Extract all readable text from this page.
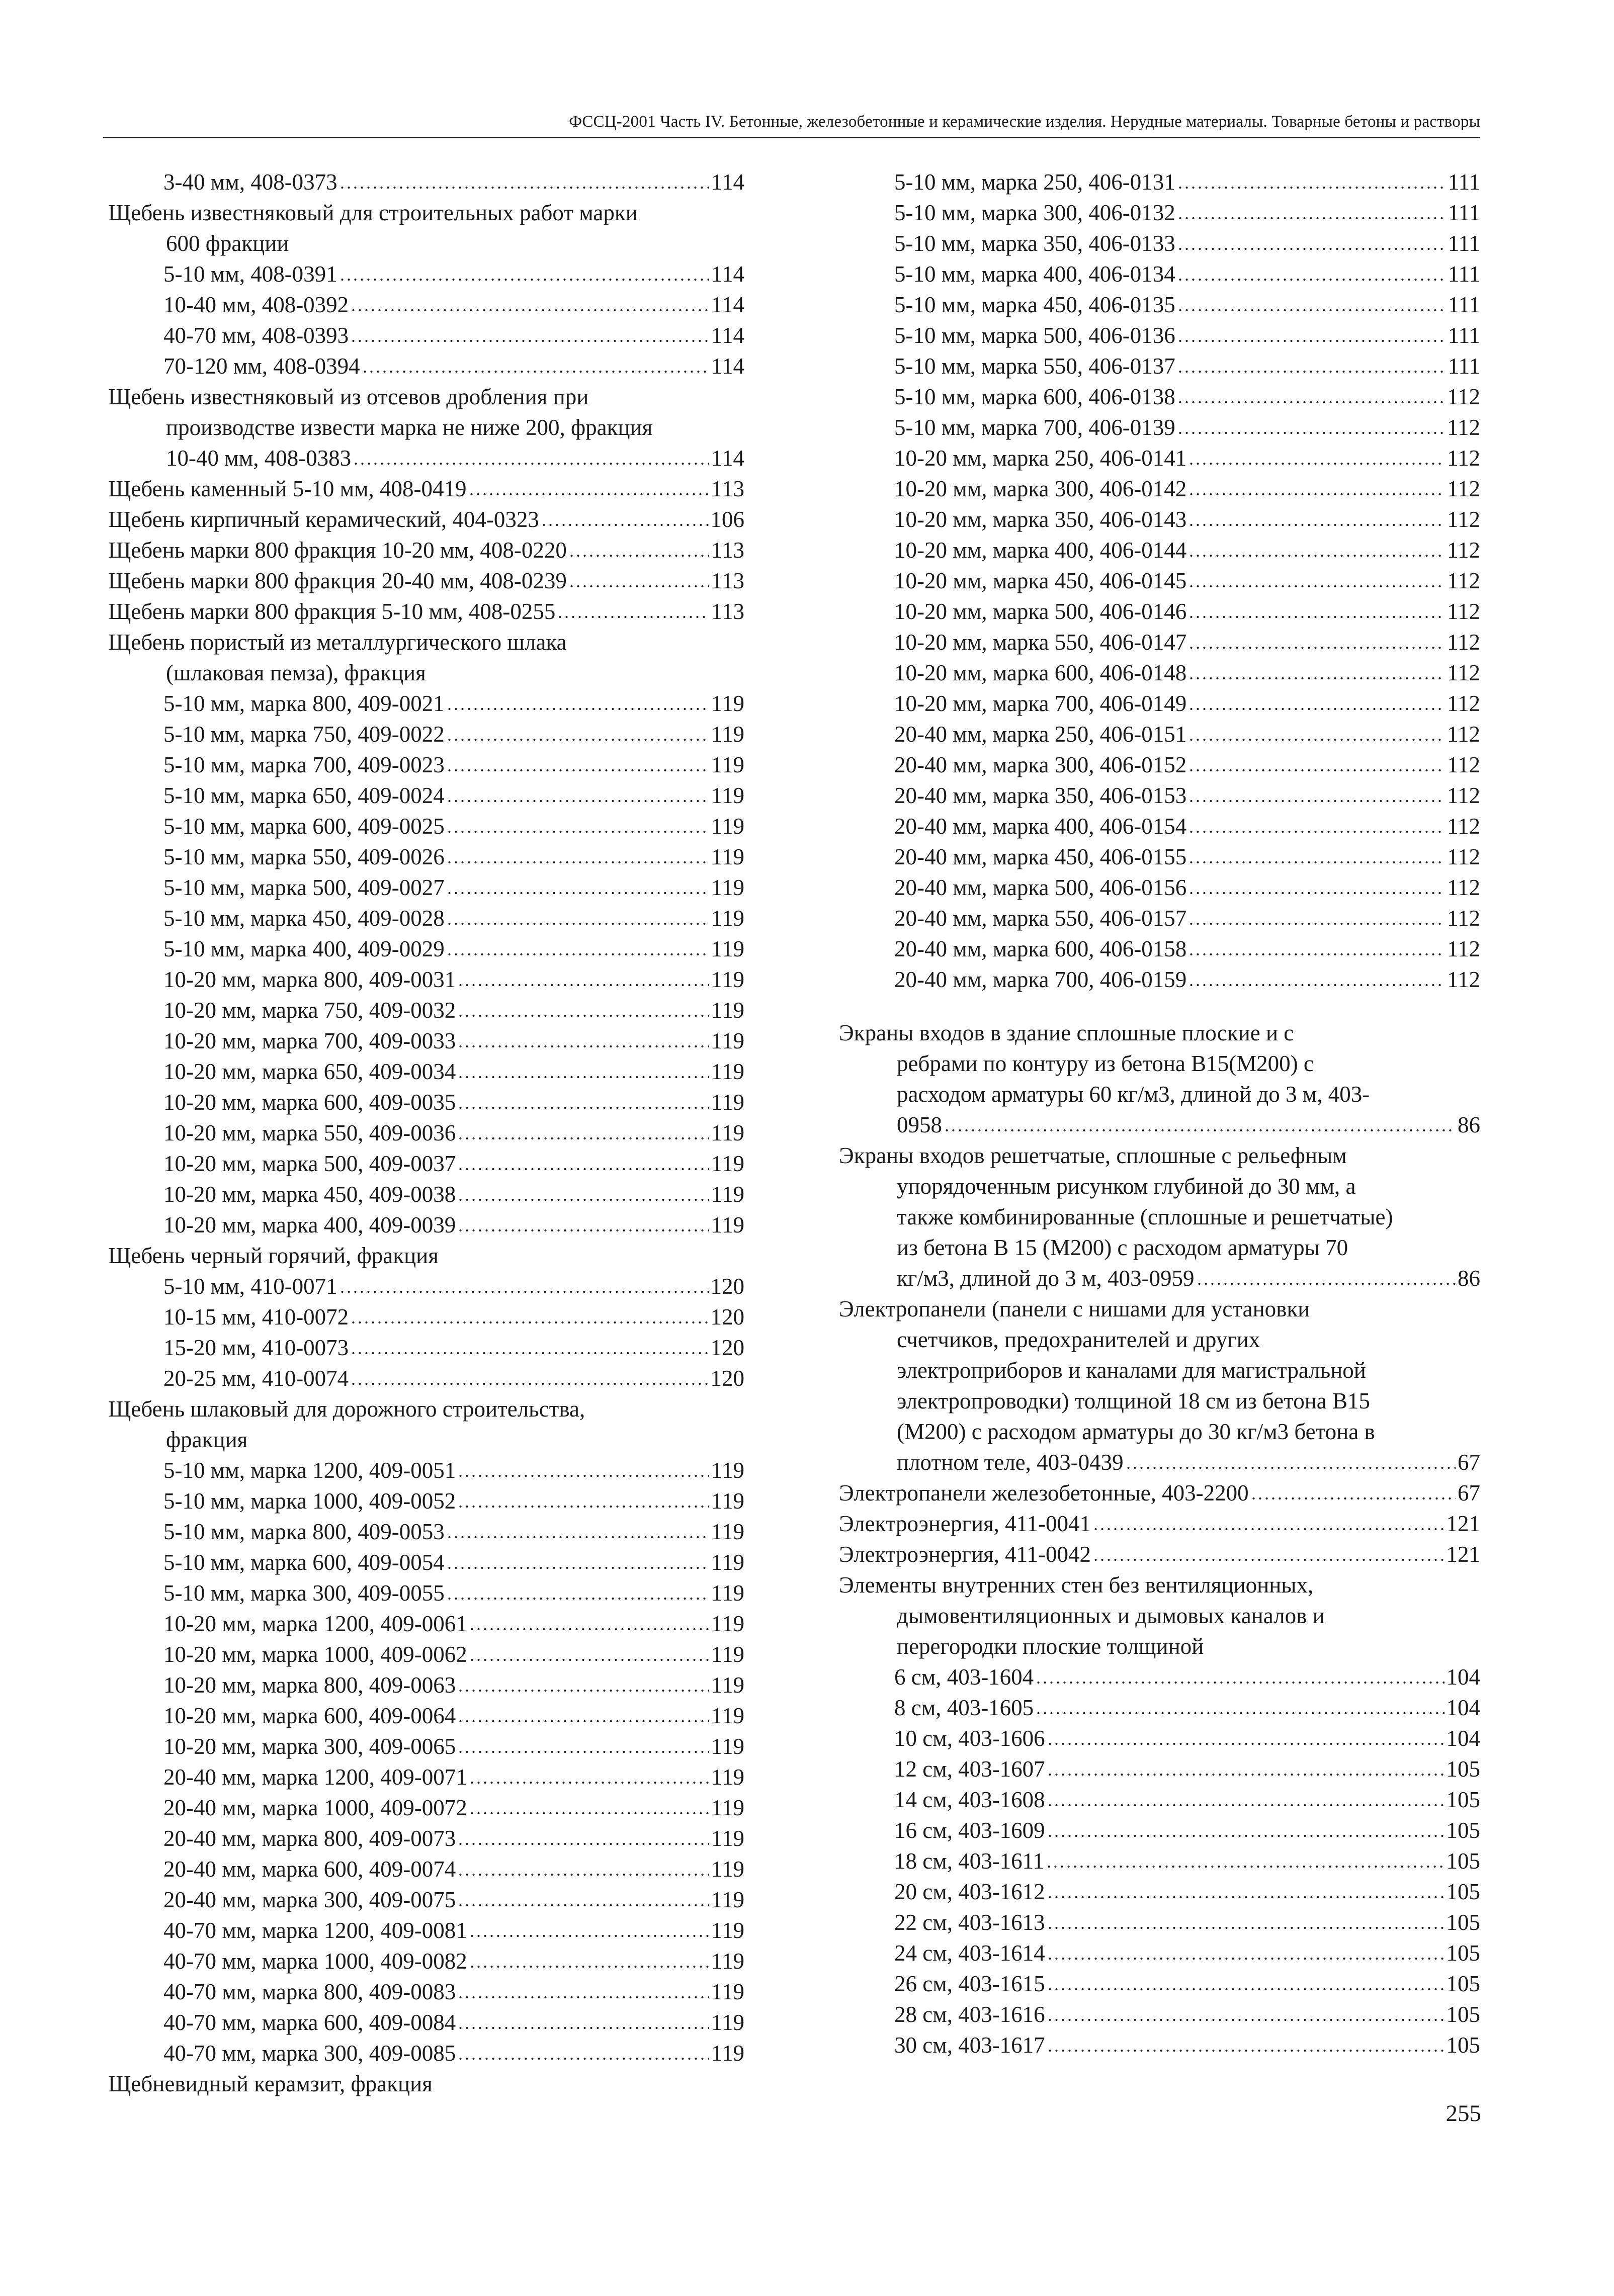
ФССЦ-2001 Часть IV. Бетонные, железобетонные и керамические изделия. Нерудные материалы. Товарные бетоны и растворы
3-40 мм, 408-0373	114
Щебень известняковый для строительных работ марки
600 фракции
5-10 мм, 408-0391	114
10-40 мм, 408-0392	114
40-70 мм, 408-0393	114
70-120 мм, 408-0394	114
Щебень известняковый из отсевов дробления при
производстве извести марка не ниже 200, фракция
10-40 мм, 408-0383	114
Щебень каменный 5-10 мм, 408-0419	113
Щебень кирпичный керамический, 404-0323	106
Щебень марки 800 фракция 10-20 мм, 408-0220	113
Щебень марки 800 фракция 20-40 мм, 408-0239	113
Щебень марки 800 фракция 5-10 мм, 408-0255	113
Щебень пористый из металлургического шлака
(шлаковая пемза), фракция
5-10 мм, марка 800, 409-0021	119
5-10 мм, марка 750, 409-0022	119
5-10 мм, марка 700, 409-0023	119
5-10 мм, марка 650, 409-0024	119
5-10 мм, марка 600, 409-0025	119
5-10 мм, марка 550, 409-0026	119
5-10 мм, марка 500, 409-0027	119
5-10 мм, марка 450, 409-0028	119
5-10 мм, марка 400, 409-0029	119
10-20 мм, марка 800, 409-0031	119
10-20 мм, марка 750, 409-0032	119
10-20 мм, марка 700, 409-0033	119
10-20 мм, марка 650, 409-0034	119
10-20 мм, марка 600, 409-0035	119
10-20 мм, марка 550, 409-0036	119
10-20 мм, марка 500, 409-0037	119
10-20 мм, марка 450, 409-0038	119
10-20 мм, марка 400, 409-0039	119
Щебень черный горячий, фракция
5-10 мм, 410-0071	120
10-15 мм, 410-0072	120
15-20 мм, 410-0073	120
20-25 мм, 410-0074	120
Щебень шлаковый для дорожного строительства,
фракция
5-10 мм, марка 1200, 409-0051	119
5-10 мм, марка 1000, 409-0052	119
5-10 мм, марка 800, 409-0053	119
5-10 мм, марка 600, 409-0054	119
5-10 мм, марка 300, 409-0055	119
10-20 мм, марка 1200, 409-0061	119
10-20 мм, марка 1000, 409-0062	119
10-20 мм, марка 800, 409-0063	119
10-20 мм, марка 600, 409-0064	119
10-20 мм, марка 300, 409-0065	119
20-40 мм, марка 1200, 409-0071	119
20-40 мм, марка 1000, 409-0072	119
20-40 мм, марка 800, 409-0073	119
20-40 мм, марка 600, 409-0074	119
20-40 мм, марка 300, 409-0075	119
40-70 мм, марка 1200, 409-0081	119
40-70 мм, марка 1000, 409-0082	119
40-70 мм, марка 800, 409-0083	119
40-70 мм, марка 600, 409-0084	119
40-70 мм, марка 300, 409-0085	119
Щебневидный керамзит, фракция
5-10 мм, марка 250, 406-0131	111
5-10 мм, марка 300, 406-0132	111
5-10 мм, марка 350, 406-0133	111
5-10 мм, марка 400, 406-0134	111
5-10 мм, марка 450, 406-0135	111
5-10 мм, марка 500, 406-0136	111
5-10 мм, марка 550, 406-0137	111
5-10 мм, марка 600, 406-0138	112
5-10 мм, марка 700, 406-0139	112
10-20 мм, марка 250, 406-0141	112
10-20 мм, марка 300, 406-0142	112
10-20 мм, марка 350, 406-0143	112
10-20 мм, марка 400, 406-0144	112
10-20 мм, марка 450, 406-0145	112
10-20 мм, марка 500, 406-0146	112
10-20 мм, марка 550, 406-0147	112
10-20 мм, марка 600, 406-0148	112
10-20 мм, марка 700, 406-0149	112
20-40 мм, марка 250, 406-0151	112
20-40 мм, марка 300, 406-0152	112
20-40 мм, марка 350, 406-0153	112
20-40 мм, марка 400, 406-0154	112
20-40 мм, марка 450, 406-0155	112
20-40 мм, марка 500, 406-0156	112
20-40 мм, марка 550, 406-0157	112
20-40 мм, марка 600, 406-0158	112
20-40 мм, марка 700, 406-0159	112
Экраны входов в здание сплошные плоские и с
ребрами по контуру из бетона В15(М200) с
расходом арматуры 60 кг/м3, длиной до 3 м, 403-
0958	86
Экраны входов решетчатые, сплошные с рельефным
упорядоченным рисунком глубиной до 30 мм, а
также комбинированные (сплошные и решетчатые)
из бетона В 15 (М200) с расходом арматуры 70
кг/м3, длиной до 3 м, 403-0959	86
Электропанели (панели с нишами для установки
счетчиков, предохранителей и других
электроприборов и каналами для магистральной
электропроводки) толщиной 18 см из бетона В15
(М200) с расходом арматуры до 30 кг/м3 бетона в
плотном теле, 403-0439	67
Электропанели железобетонные, 403-2200	67
Электроэнергия, 411-0041	121
Электроэнергия, 411-0042	121
Элементы внутренних стен без вентиляционных,
дымовентиляционных и дымовых каналов и
перегородки плоские толщиной
6 см, 403-1604	104
8 см, 403-1605	104
10 см, 403-1606	104
12 см, 403-1607	105
14 см, 403-1608	105
16 см, 403-1609	105
18 см, 403-1611	105
20 см, 403-1612	105
22 см, 403-1613	105
24 см, 403-1614	105
26 см, 403-1615	105
28 см, 403-1616	105
30 см, 403-1617	105
255
